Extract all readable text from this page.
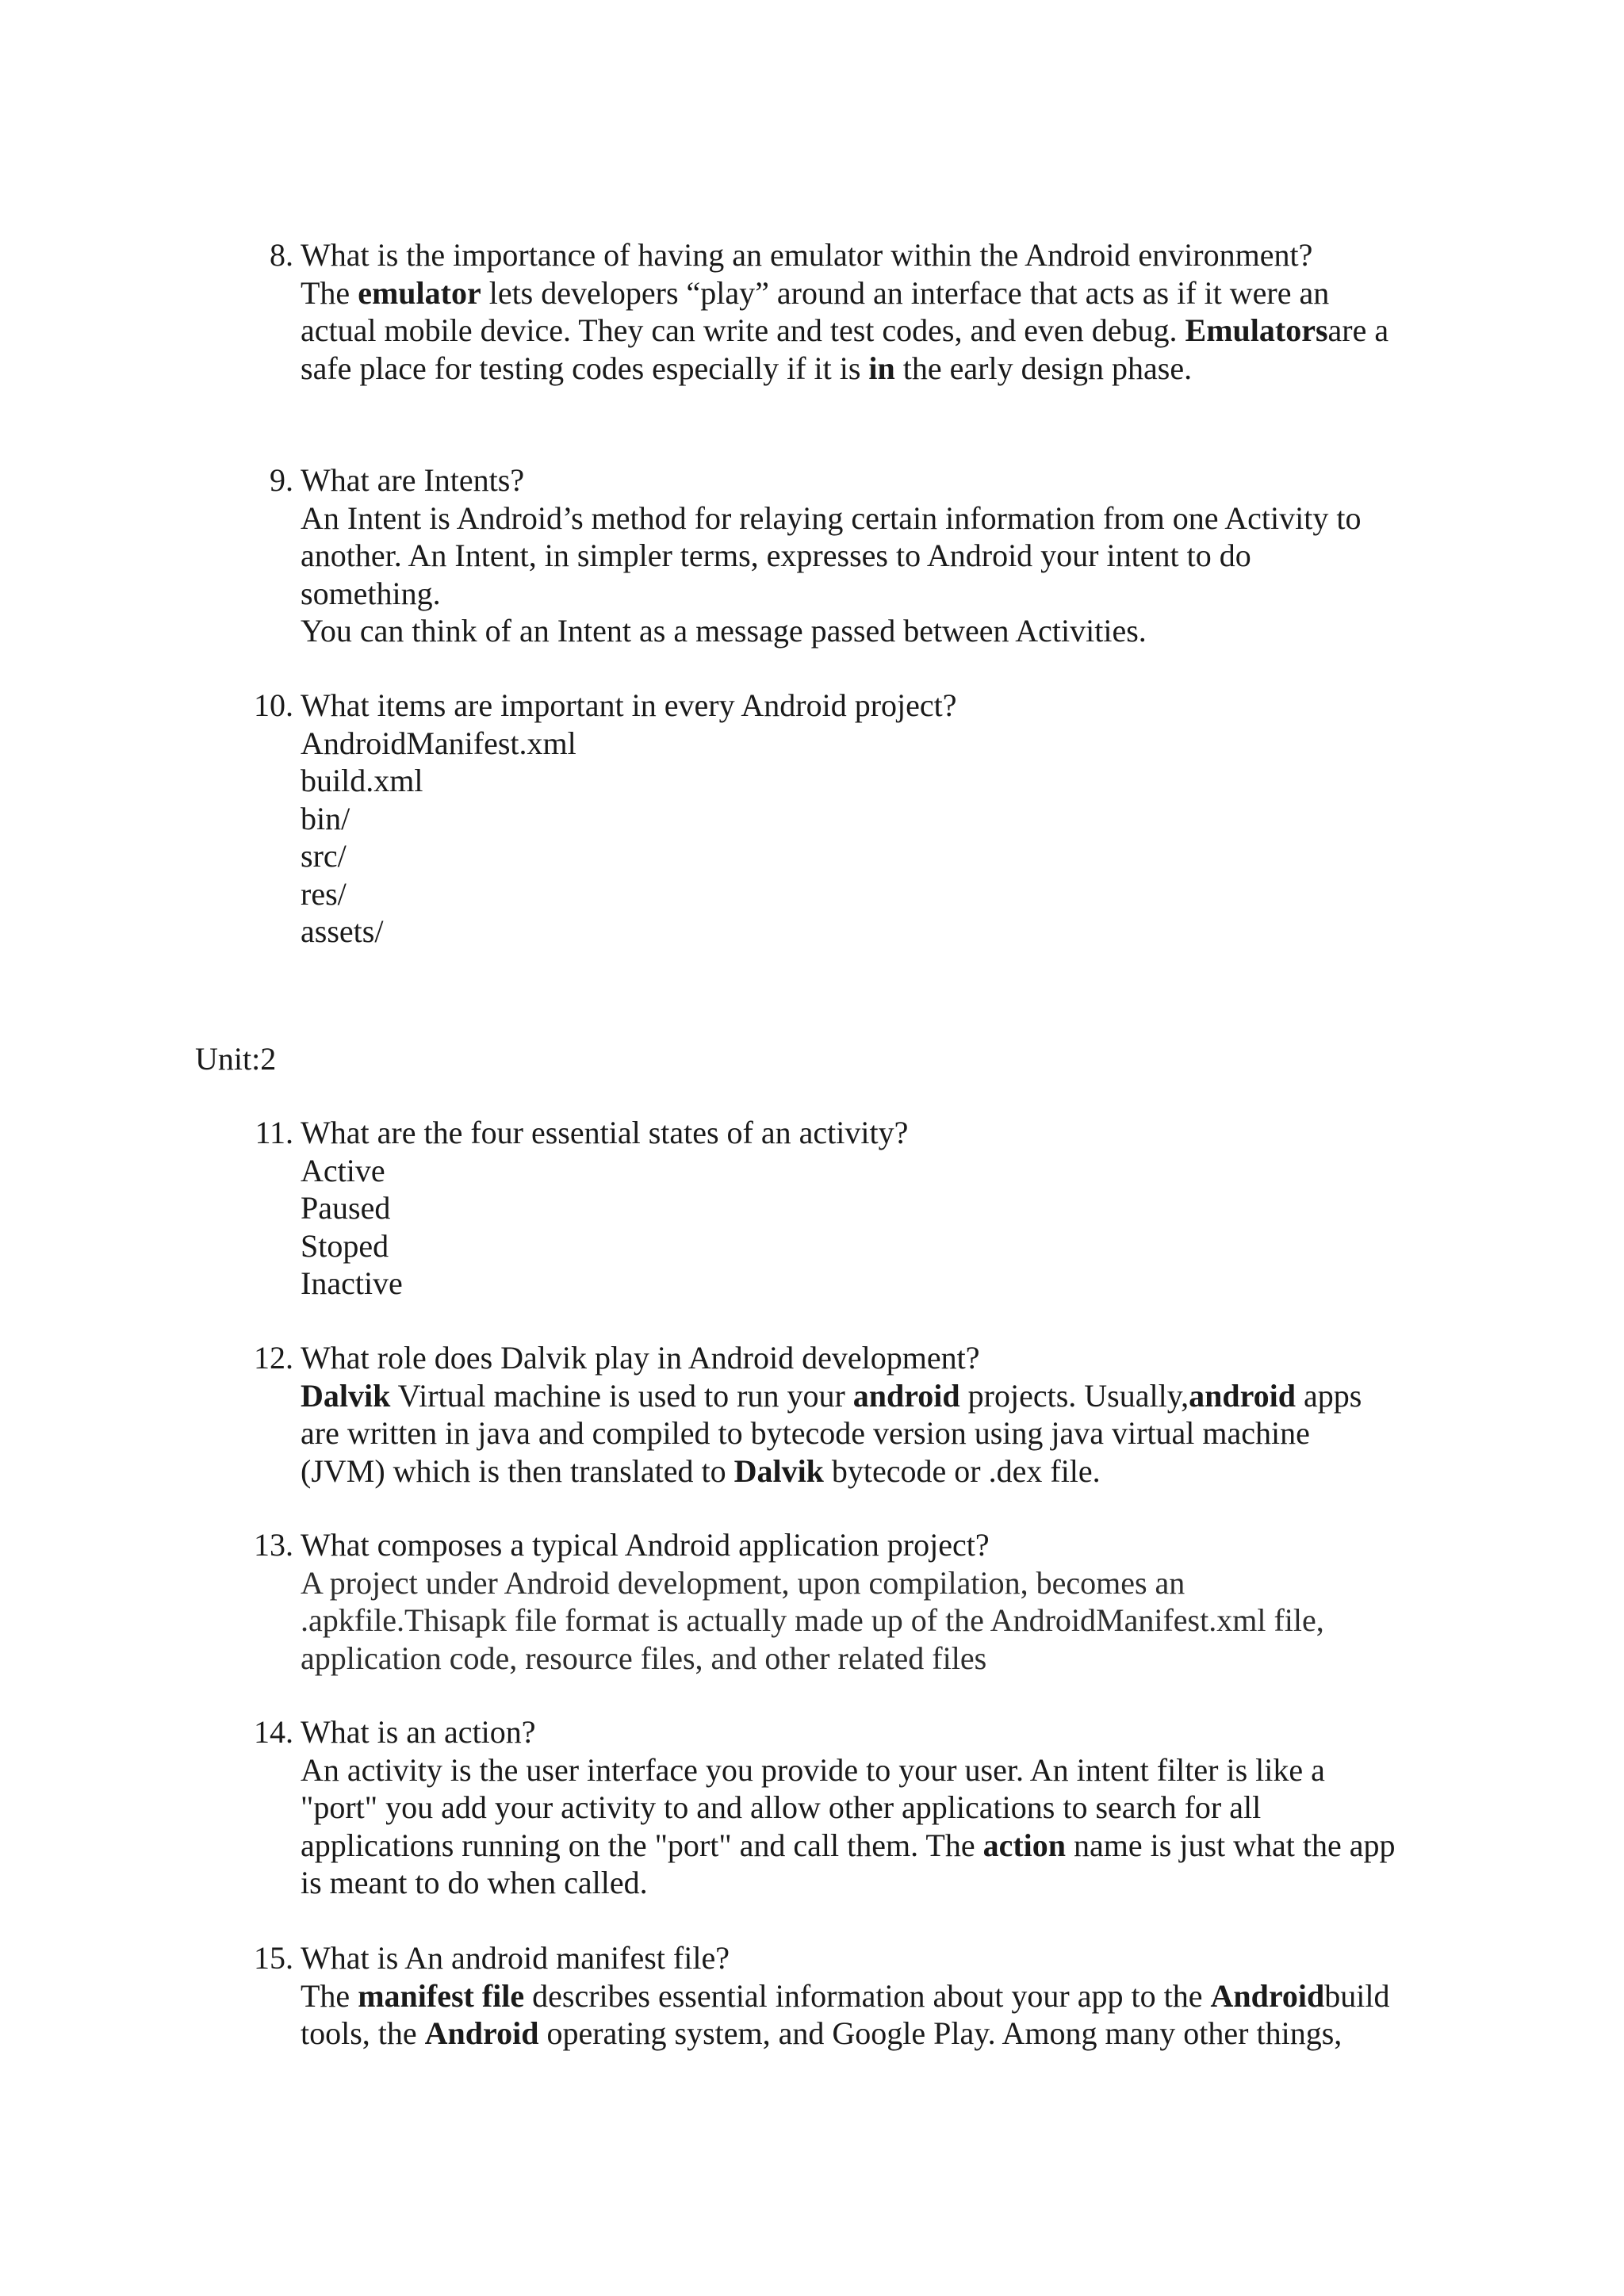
8. What is the importance of having an emulator within the Android environment?
The emulator lets developers “play” around an interface that acts as if it were an
actual mobile device. They can write and test codes, and even debug. Emulatorsare a
safe place for testing codes especially if it is in the early design phase.
9. What are Intents?
An Intent is Android’s method for relaying certain information from one Activity to
another. An Intent, in simpler terms, expresses to Android your intent to do
something.
You can think of an Intent as a message passed between Activities.
10. What items are important in every Android project?
AndroidManifest.xml
build.xml
bin/
src/
res/
assets/
Unit:2
11. What are the four essential states of an activity?
Active
Paused
Stoped
Inactive
12. What role does Dalvik play in Android development?
Dalvik Virtual machine is used to run your android projects. Usually,android apps
are written in java and compiled to bytecode version using java virtual machine
(JVM) which is then translated to Dalvik bytecode or .dex file.
13. What composes a typical Android application project?
A project under Android development, upon compilation, becomes an
.apkfile.Thisapk file format is actually made up of the AndroidManifest.xml file,
application code, resource files, and other related files
14. What is an action?
An activity is the user interface you provide to your user. An intent filter is like a
"port" you add your activity to and allow other applications to search for all
applications running on the "port" and call them. The action name is just what the app
is meant to do when called.
15. What is An android manifest file?
The manifest file describes essential information about your app to the Androidbuild
tools, the Android operating system, and Google Play. Among many other things,
